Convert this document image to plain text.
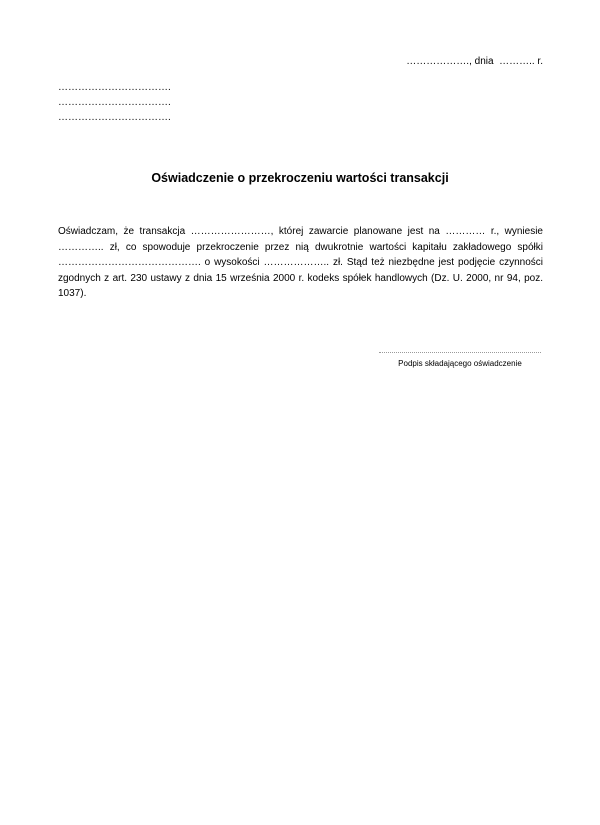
………………., dnia  ……….. r.
…………………………….
…………………………….
…………………………….
Oświadczenie o przekroczeniu wartości transakcji
Oświadczam, że transakcja ……………………, której zawarcie planowane jest na ………… r., wyniesie ………….. zł, co spowoduje przekroczenie przez nią dwukrotnie wartości kapitału zakładowego spółki ……………………………………. o wysokości ……………….. zł. Stąd też niezbędne jest podjęcie czynności zgodnych z art. 230 ustawy z dnia 15 września 2000 r. kodeks spółek handlowych (Dz. U. 2000, nr 94, poz. 1037).
Podpis składającego oświadczenie
